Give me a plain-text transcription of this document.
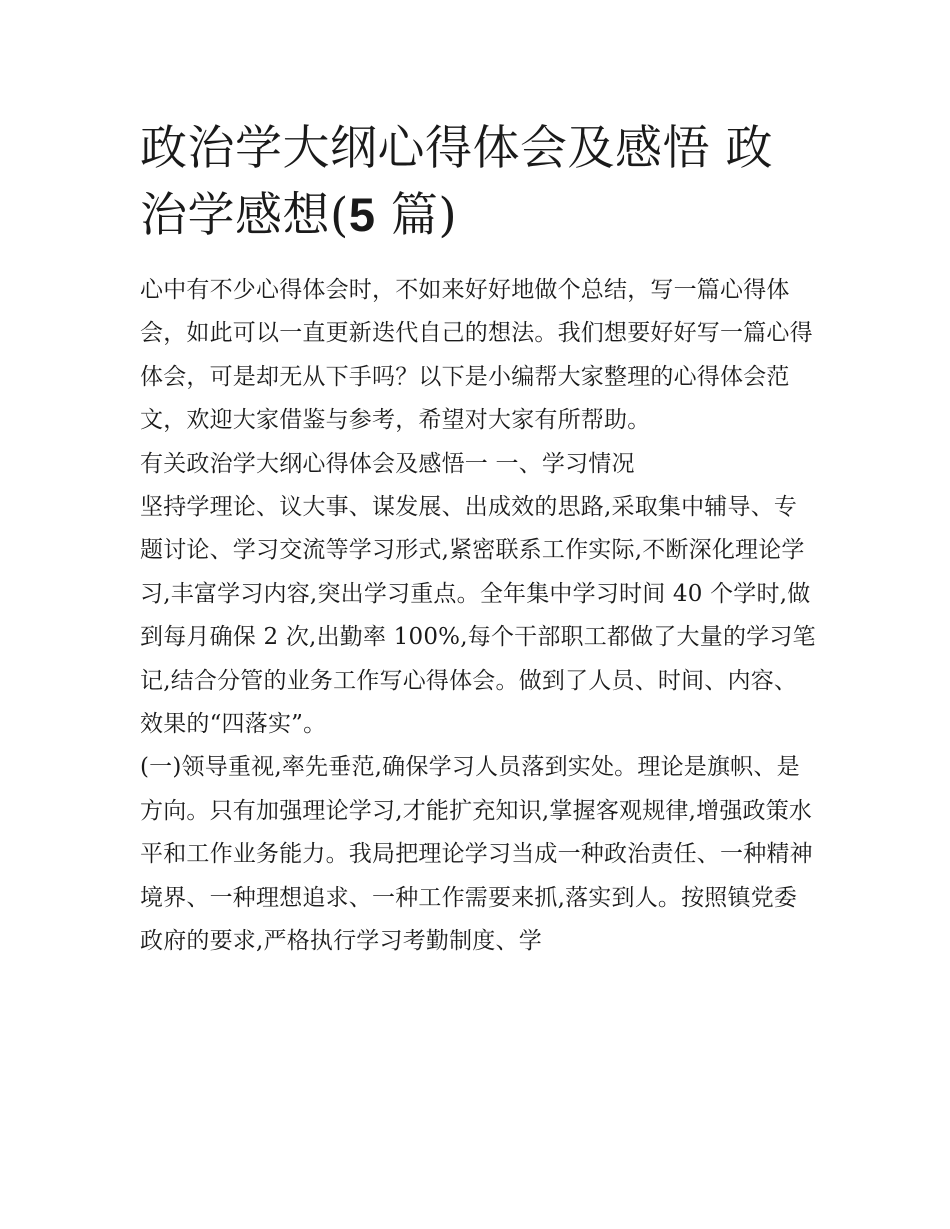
政治学大纲心得体会及感悟 政
治学感想(5 篇)

心中有不少心得体会时，不如来好好地做个总结，写一篇心得体会，如此可以一直更新迭代自己的想法。我们想要好好写一篇心得体会，可是却无从下手吗？以下是小编帮大家整理的心得体会范文，欢迎大家借鉴与参考，希望对大家有所帮助。

有关政治学大纲心得体会及感悟一 一、学习情况

坚持学理论、议大事、谋发展、出成效的思路,采取集中辅导、专题讨论、学习交流等学习形式,紧密联系工作实际,不断深化理论学习,丰富学习内容,突出学习重点。全年集中学习时间 40 个学时,做到每月确保 2 次,出勤率 100%,每个干部职工都做了大量的学习笔记,结合分管的业务工作写心得体会。做到了人员、时间、内容、效果的“四落实”。

(一)领导重视,率先垂范,确保学习人员落到实处。理论是旗帜、是方向。只有加强理论学习,才能扩充知识,掌握客观规律,增强政策水平和工作业务能力。我局把理论学习当成一种政治责任、一种精神境界、一种理想追求、一种工作需要来抓,落实到人。按照镇党委政府的要求,严格执行学习考勤制度、学
